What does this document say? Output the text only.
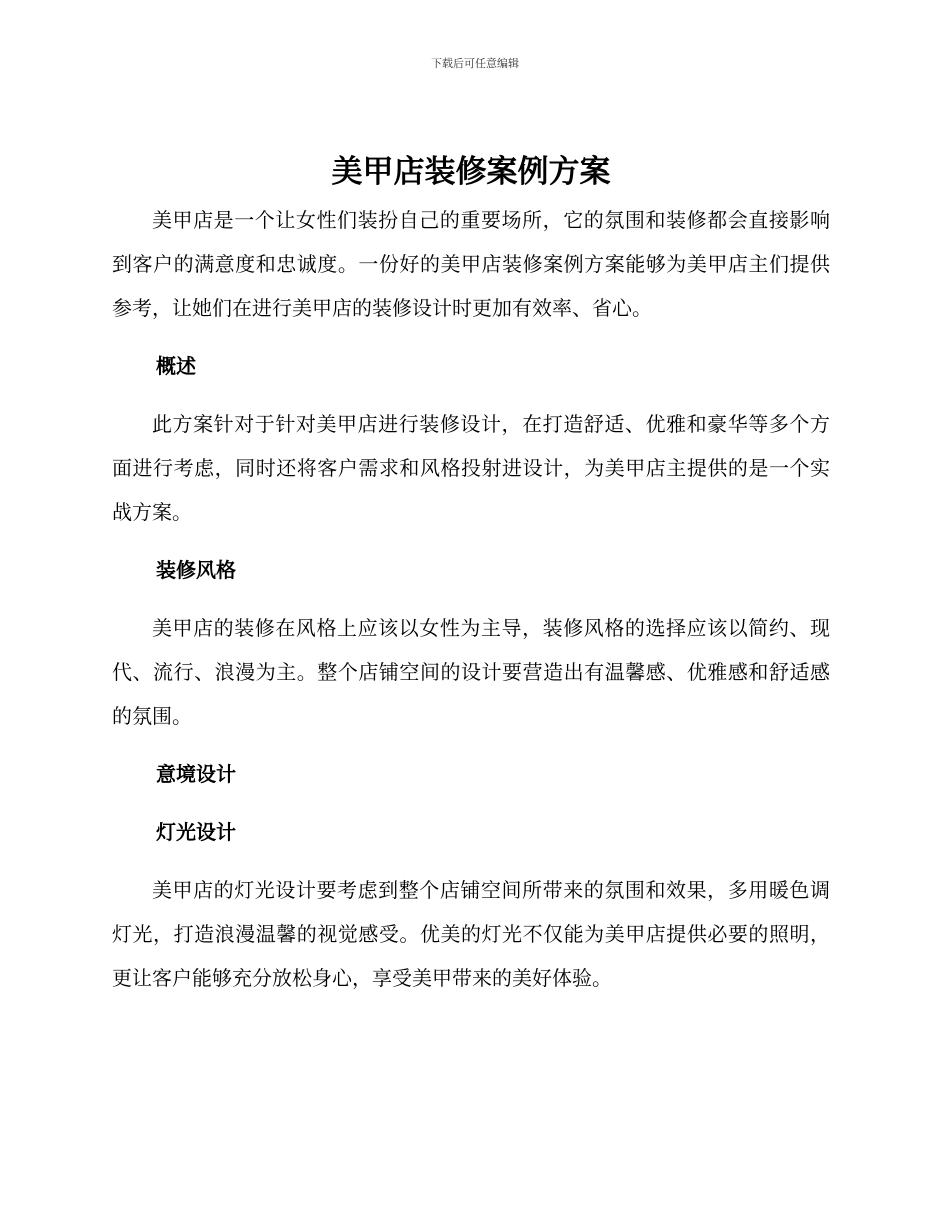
下载后可任意编辑
美甲店装修案例方案

美甲店是一个让女性们装扮自己的重要场所，它的氛围和装修都会直接影响到客户的满意度和忠诚度。一份好的美甲店装修案例方案能够为美甲店主们提供参考，让她们在进行美甲店的装修设计时更加有效率、省心。

概述

此方案针对于针对美甲店进行装修设计，在打造舒适、优雅和豪华等多个方面进行考虑，同时还将客户需求和风格投射进设计，为美甲店主提供的是一个实战方案。

装修风格

美甲店的装修在风格上应该以女性为主导，装修风格的选择应该以简约、现代、流行、浪漫为主。整个店铺空间的设计要营造出有温馨感、优雅感和舒适感的氛围。

意境设计
灯光设计

美甲店的灯光设计要考虑到整个店铺空间所带来的氛围和效果，多用暖色调灯光，打造浪漫温馨的视觉感受。优美的灯光不仅能为美甲店提供必要的照明，更让客户能够充分放松身心，享受美甲带来的美好体验。
